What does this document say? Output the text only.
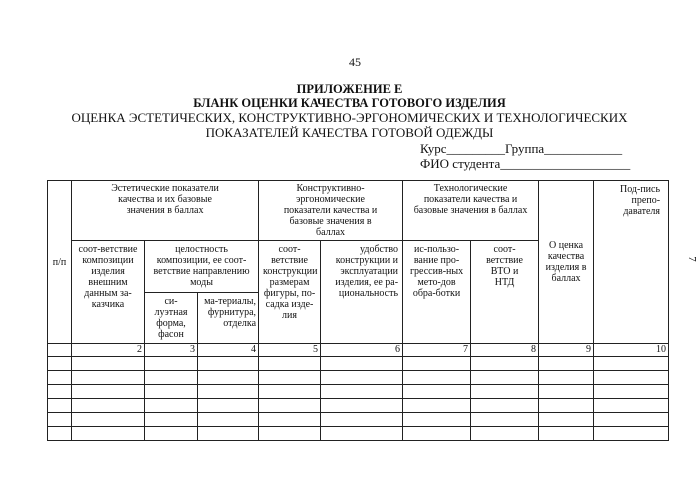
45
ПРИЛОЖЕНИЕ Е
БЛАНК ОЦЕНКИ КАЧЕСТВА ГОТОВОГО ИЗДЕЛИЯ
ОЦЕНКА ЭСТЕТИЧЕСКИХ, КОНСТРУКТИВНО-ЭРГОНОМИЧЕСКИХ И ТЕХНОЛОГИЧЕСКИХ
ПОКАЗАТЕЛЕЙ КАЧЕСТВА ГОТОВОЙ ОДЕЖДЫ
Курс_________Группа____________
ФИО студента____________________
7
п/п	Эстетические показатели качества и их базовые значения в баллах			Конструктивно-эргономические показатели качества и базовые значения в баллах		Технологические показатели качества и базовые значения в баллах		О ценка качества изделия в баллах	Под-пись препо-давателя
	соот-ветствие композиции изделия внешним данным за-казчика	целостность композиции, ее соот-ветствие направлению моды		соот-ветствие конструкции размерам фигуры, по-садка изде-лия	удобство конструкции и эксплуатации изделия, ее ра-циональность	ис-пользо-вание про-грессив-ных мето-дов обра-ботки	соот-ветствие ВТО и НТД		
		си-луэтная форма, фасон	ма-териалы, фурнитура, отделка						
	2	3	4	5	6	7	8	9	10
